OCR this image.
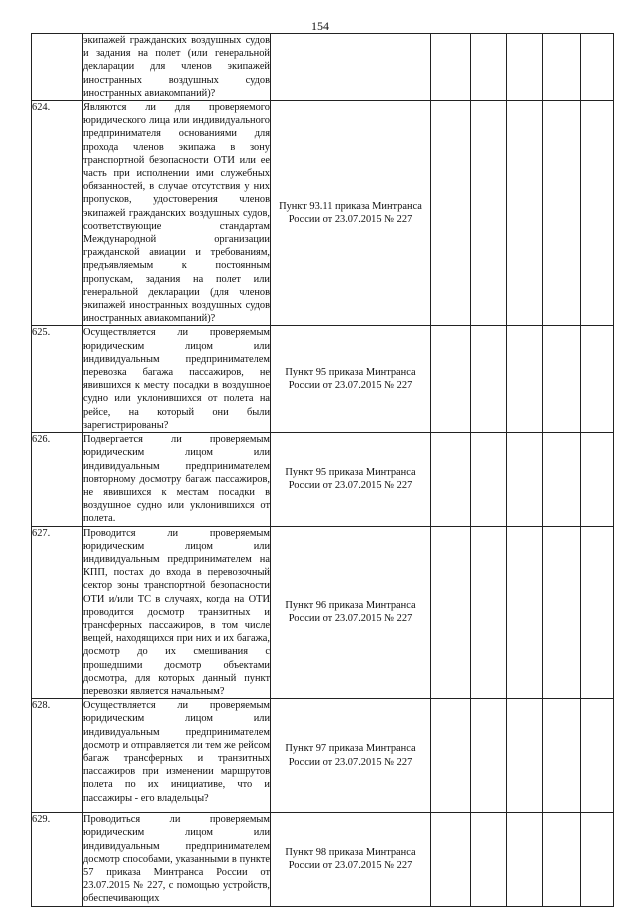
154
	экипажей гражданских воздушных судов и задания на полет (или генеральной декларации для членов экипажей иностранных воздушных судов иностранных авиакомпаний)?						
624.	Являются ли для проверяемого юридического лица или индивидуального предпринимателя основаниями для прохода членов экипажа в зону транспортной безопасности ОТИ или ее часть при исполнении ими служебных обязанностей, в случае отсутствия у них пропусков, удостоверения членов экипажей гражданских воздушных судов, соответствующие стандартам Международной организации гражданской авиации и требованиям, предъявляемым к постоянным пропускам, задания на полет или генеральной декларации (для членов экипажей иностранных воздушных судов иностранных авиакомпаний)?	Пункт 93.11 приказа Минтранса России от 23.07.2015 № 227					
625.	Осуществляется ли проверяемым юридическим лицом или индивидуальным предпринимателем перевозка багажа пассажиров, не явившихся к месту посадки в воздушное судно или уклонившихся от полета на рейсе, на который они были зарегистрированы?	Пункт 95 приказа Минтранса России от 23.07.2015 № 227					
626.	Подвергается ли проверяемым юридическим лицом или индивидуальным предпринимателем повторному досмотру багаж пассажиров, не явившихся к местам посадки в воздушное судно или уклонившихся от полета.	Пункт 95 приказа Минтранса России от 23.07.2015 № 227					
627.	Проводится ли проверяемым юридическим лицом или индивидуальным предпринимателем на КПП, постах до входа в перевозочный сектор зоны транспортной безопасности ОТИ и/или ТС в случаях, когда на ОТИ проводится досмотр транзитных и трансферных пассажиров, в том числе вещей, находящихся при них и их багажа, досмотр до их смешивания с прошедшими досмотр объектами досмотра, для которых данный пункт перевозки является начальным?	Пункт 96 приказа Минтранса России от 23.07.2015 № 227					
628.	Осуществляется ли проверяемым юридическим лицом или индивидуальным предпринимателем досмотр и отправляется ли тем же рейсом багаж трансферных и транзитных пассажиров при изменении маршрутов полета по их инициативе, что и пассажиры - его владельцы?	Пункт 97 приказа Минтранса России от 23.07.2015 № 227					
629.	Проводиться ли проверяемым юридическим лицом или индивидуальным предпринимателем досмотр способами, указанными в пункте 57 приказа Минтранса России от 23.07.2015 № 227, с помощью устройств, обеспечивающих	Пункт 98 приказа Минтранса России от 23.07.2015 № 227					
